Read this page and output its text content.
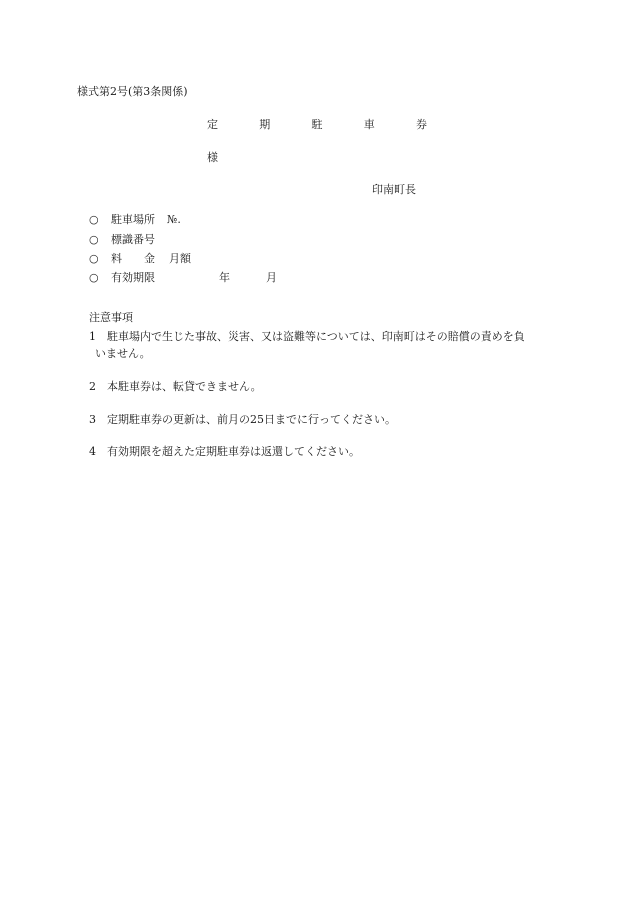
様式第2号(第3条関係)
定	期	駐	車	券
様
印南町長
○	駐車場所 №.
○	標識番号
○	料　　金 月額
○	有効期限	年	月
注意事項
1	駐車場内で生じた事故、災害、又は盗難等については、印南町はその賠償の責めを負
いません。
2	本駐車券は、転貸できません。
3	定期駐車券の更新は、前月の25日までに行ってください。
4	有効期限を超えた定期駐車券は返還してください。
